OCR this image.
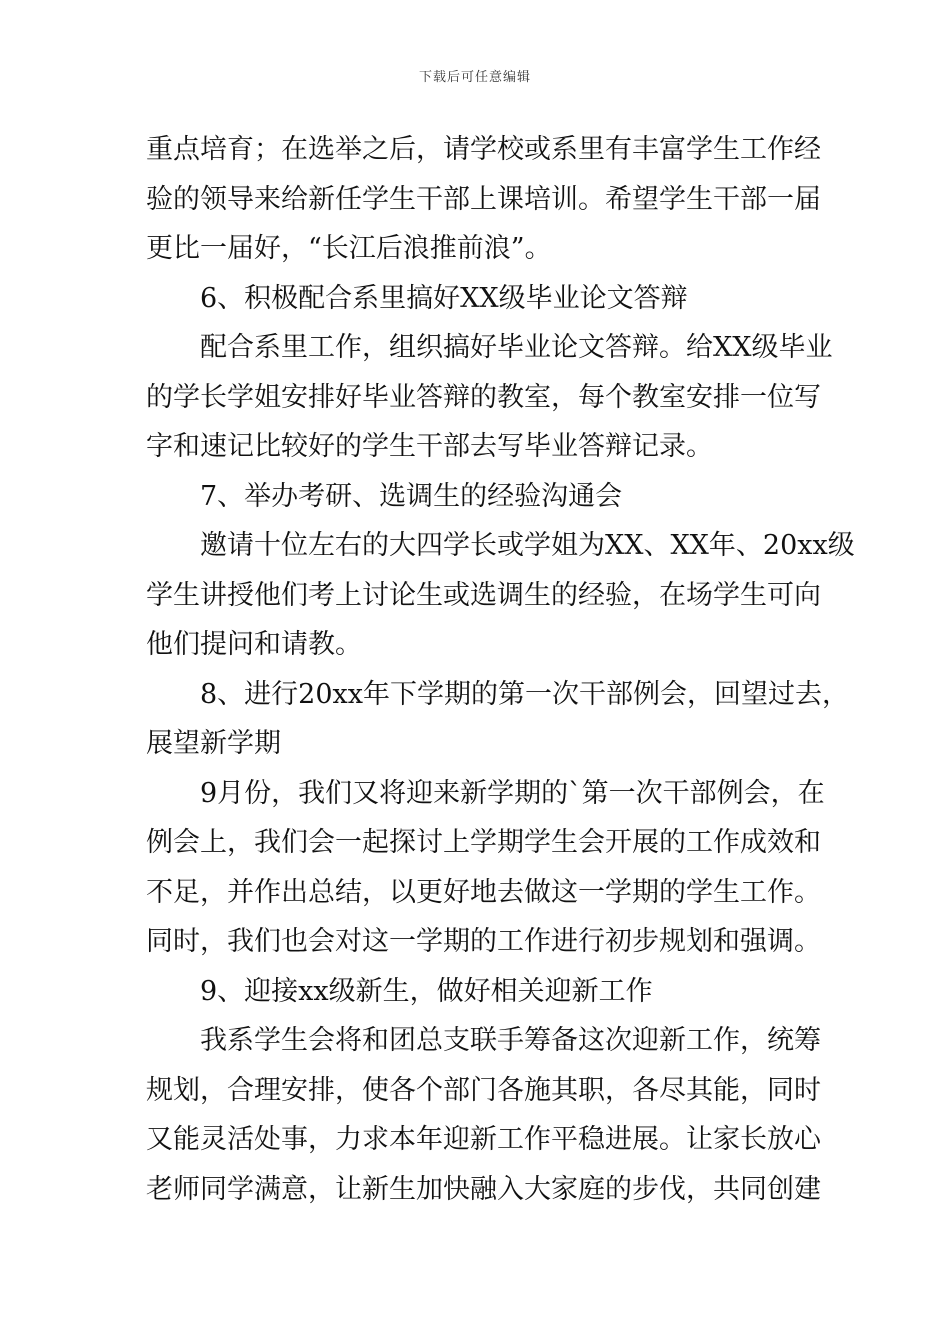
下载后可任意编辑
重点培育；在选举之后，请学校或系里有丰富学生工作经
验的领导来给新任学生干部上课培训。希望学生干部一届
更比一届好，“长江后浪推前浪”。
6、积极配合系里搞好XX级毕业论文答辩
配合系里工作，组织搞好毕业论文答辩。给XX级毕业
的学长学姐安排好毕业答辩的教室，每个教室安排一位写
字和速记比较好的学生干部去写毕业答辩记录。
7、举办考研、选调生的经验沟通会
邀请十位左右的大四学长或学姐为XX、XX年、20xx级
学生讲授他们考上讨论生或选调生的经验，在场学生可向
他们提问和请教。
8、进行20xx年下学期的第一次干部例会，回望过去，
展望新学期
9月份，我们又将迎来新学期的`第一次干部例会，在
例会上，我们会一起探讨上学期学生会开展的工作成效和
不足，并作出总结，以更好地去做这一学期的学生工作。
同时，我们也会对这一学期的工作进行初步规划和强调。
9、迎接xx级新生，做好相关迎新工作
我系学生会将和团总支联手筹备这次迎新工作，统筹
规划，合理安排，使各个部门各施其职，各尽其能，同时
又能灵活处事，力求本年迎新工作平稳进展。让家长放心
老师同学满意，让新生加快融入大家庭的步伐，共同创建
